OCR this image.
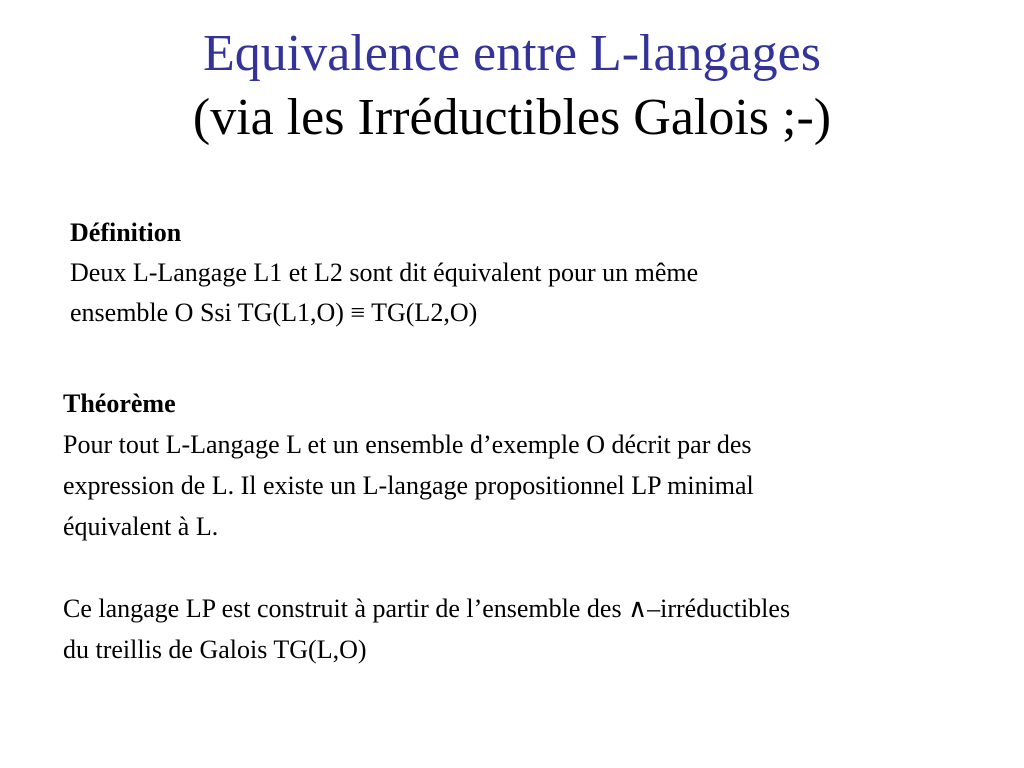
Equivalence entre L-langages
(via les Irréductibles Galois ;-)
Définition
Deux L-Langage L1 et L2 sont dit équivalent pour un même
ensemble O Ssi TG(L1,O) ≡ TG(L2,O)
Théorème
Pour tout L-Langage L et un ensemble d’exemple O décrit par des
expression de L. Il existe un L-langage propositionnel LP minimal
équivalent à L.
Ce langage LP est construit à partir de l’ensemble des ∧–irréductibles
du treillis de Galois TG(L,O)
